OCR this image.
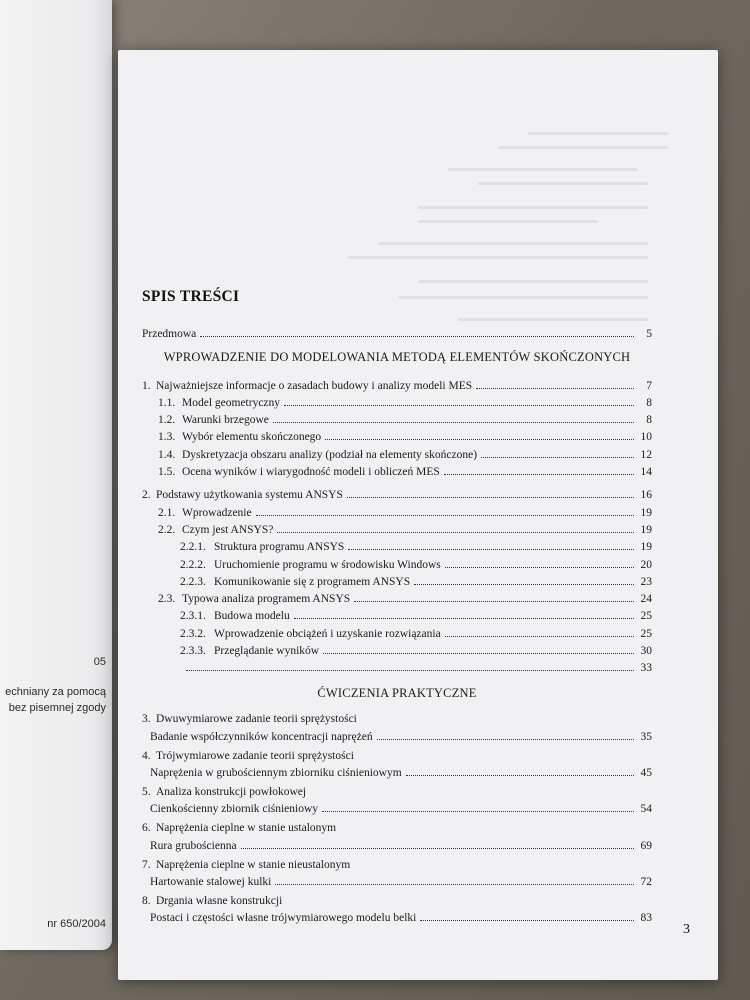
05
echniany za pomocą
bez pisemnej zgody
nr 650/2004
SPIS TREŚCI
Przedmowa	5
WPROWADZENIE DO MODELOWANIA METODĄ ELEMENTÓW SKOŃCZONYCH
1. Najważniejsze informacje o zasadach budowy i analizy modeli MES	7
1.1. Model geometryczny	8
1.2. Warunki brzegowe	8
1.3. Wybór elementu skończonego	10
1.4. Dyskretyzacja obszaru analizy (podział na elementy skończone)	12
1.5. Ocena wyników i wiarygodność modeli i obliczeń MES	14
2. Podstawy użytkowania systemu ANSYS	16
2.1. Wprowadzenie	19
2.2. Czym jest ANSYS?	19
2.2.1. Struktura programu ANSYS	19
2.2.2. Uruchomienie programu w środowisku Windows	20
2.2.3. Komunikowanie się z programem ANSYS	23
2.3. Typowa analiza programem ANSYS	24
2.3.1. Budowa modelu	25
2.3.2. Wprowadzenie obciążeń i uzyskanie rozwiązania	25
2.3.3. Przeglądanie wyników	30
33
ĆWICZENIA PRAKTYCZNE
3. Dwuwymiarowe zadanie teorii sprężystości
Badanie współczynników koncentracji naprężeń	35
4. Trójwymiarowe zadanie teorii sprężystości
Naprężenia w grubościennym zbiorniku ciśnieniowym	45
5. Analiza konstrukcji powłokowej
Cienkościenny zbiornik ciśnieniowy	54
6. Naprężenia cieplne w stanie ustalonym
Rura grubościenna	69
7. Naprężenia cieplne w stanie nieustalonym
Hartowanie stalowej kulki	72
8. Drgania własne konstrukcji
Postaci i częstości własne trójwymiarowego modelu belki	83
3
